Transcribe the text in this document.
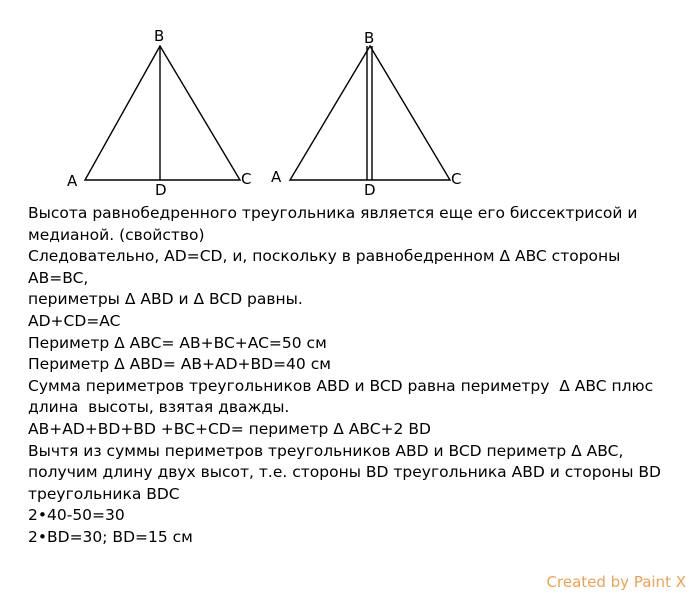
B
A	C
D
B
A	C
D
Высота равнобедренного треугольника является еще его биссектрисой и
медианой. (свойство)
Следовательно, AD=CD, и, поскольку в равнобедренном Δ ABC стороны
AB=BC,
периметры Δ ABD и Δ BCD равны.
AD+CD=AC
Периметр Δ ABC= AB+BC+AC=50 см
Периметр Δ ABD= AB+AD+BD=40 см
Сумма периметров треугольников ABD и BCD равна периметру  Δ ABC плюс
длина  высоты, взятая дважды.
AB+AD+BD+BD +BC+CD= периметр Δ ABC+2 BD
Вычтя из суммы периметров треугольников ABD и BCD периметр Δ ABC,
получим длину двух высот, т.е. стороны BD треугольника ABD и стороны BD
треугольника BDC
2•40-50=30
2•BD=30; BD=15 см
Created by Paint X
